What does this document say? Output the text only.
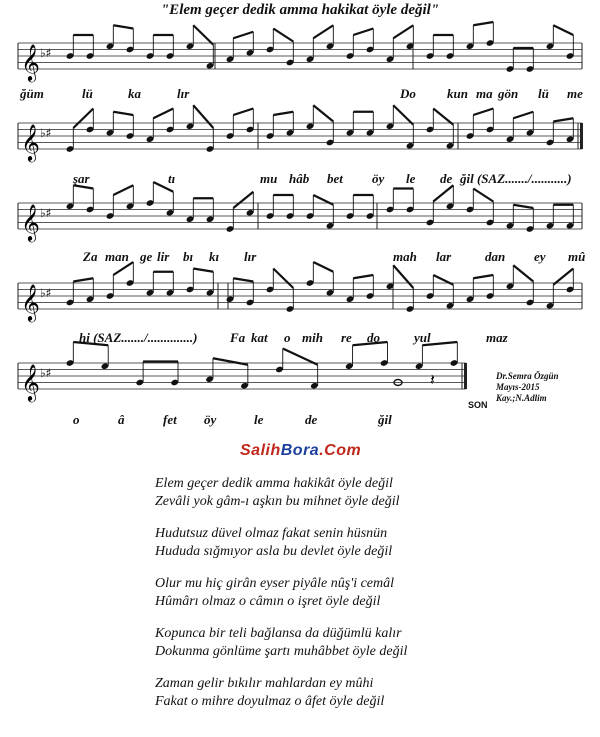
"Elem geçer dedik amma hakikat öyle değil"
𝄞 ♭♯
𝄞 ♭♯
𝄞 ♭♯
𝄞 ♭♯
𝄞 ♭♯	𝄽
ğüm	lü	ka	lır	Do kun ma gön lü me
şar	tı	mu hâb bet öy le de ğil (SAZ......./...........)
Za man ge lir bı kı lır	mah lar	dan ey mû
hi (SAZ......./..............)	Fa kat o mih re do	yul	maz
o	â	fet öy	le	de	ğil
SON
Dr.Semra Özgün
Mayıs-2015
Kay.;N.Adlim
SalihBora.Com
Elem geçer dedik amma hakikât öyle değil
Zevâli yok gâm-ı aşkın bu mihnet öyle değil
Hudutsuz düvel olmaz fakat senin hüsnün
Hududa sığmıyor asla bu devlet öyle değil
Olur mu hiç girân eyser piyâle nûş'i cemâl
Hûmârı olmaz o câmın o işret öyle değil
Kopunca bir teli bağlansa da düğümlü kalır
Dokunma gönlüme şartı muhâbbet öyle değil
Zaman gelir bıkılır mahlardan ey mûhi
Fakat o mihre doyulmaz o âfet öyle değil
